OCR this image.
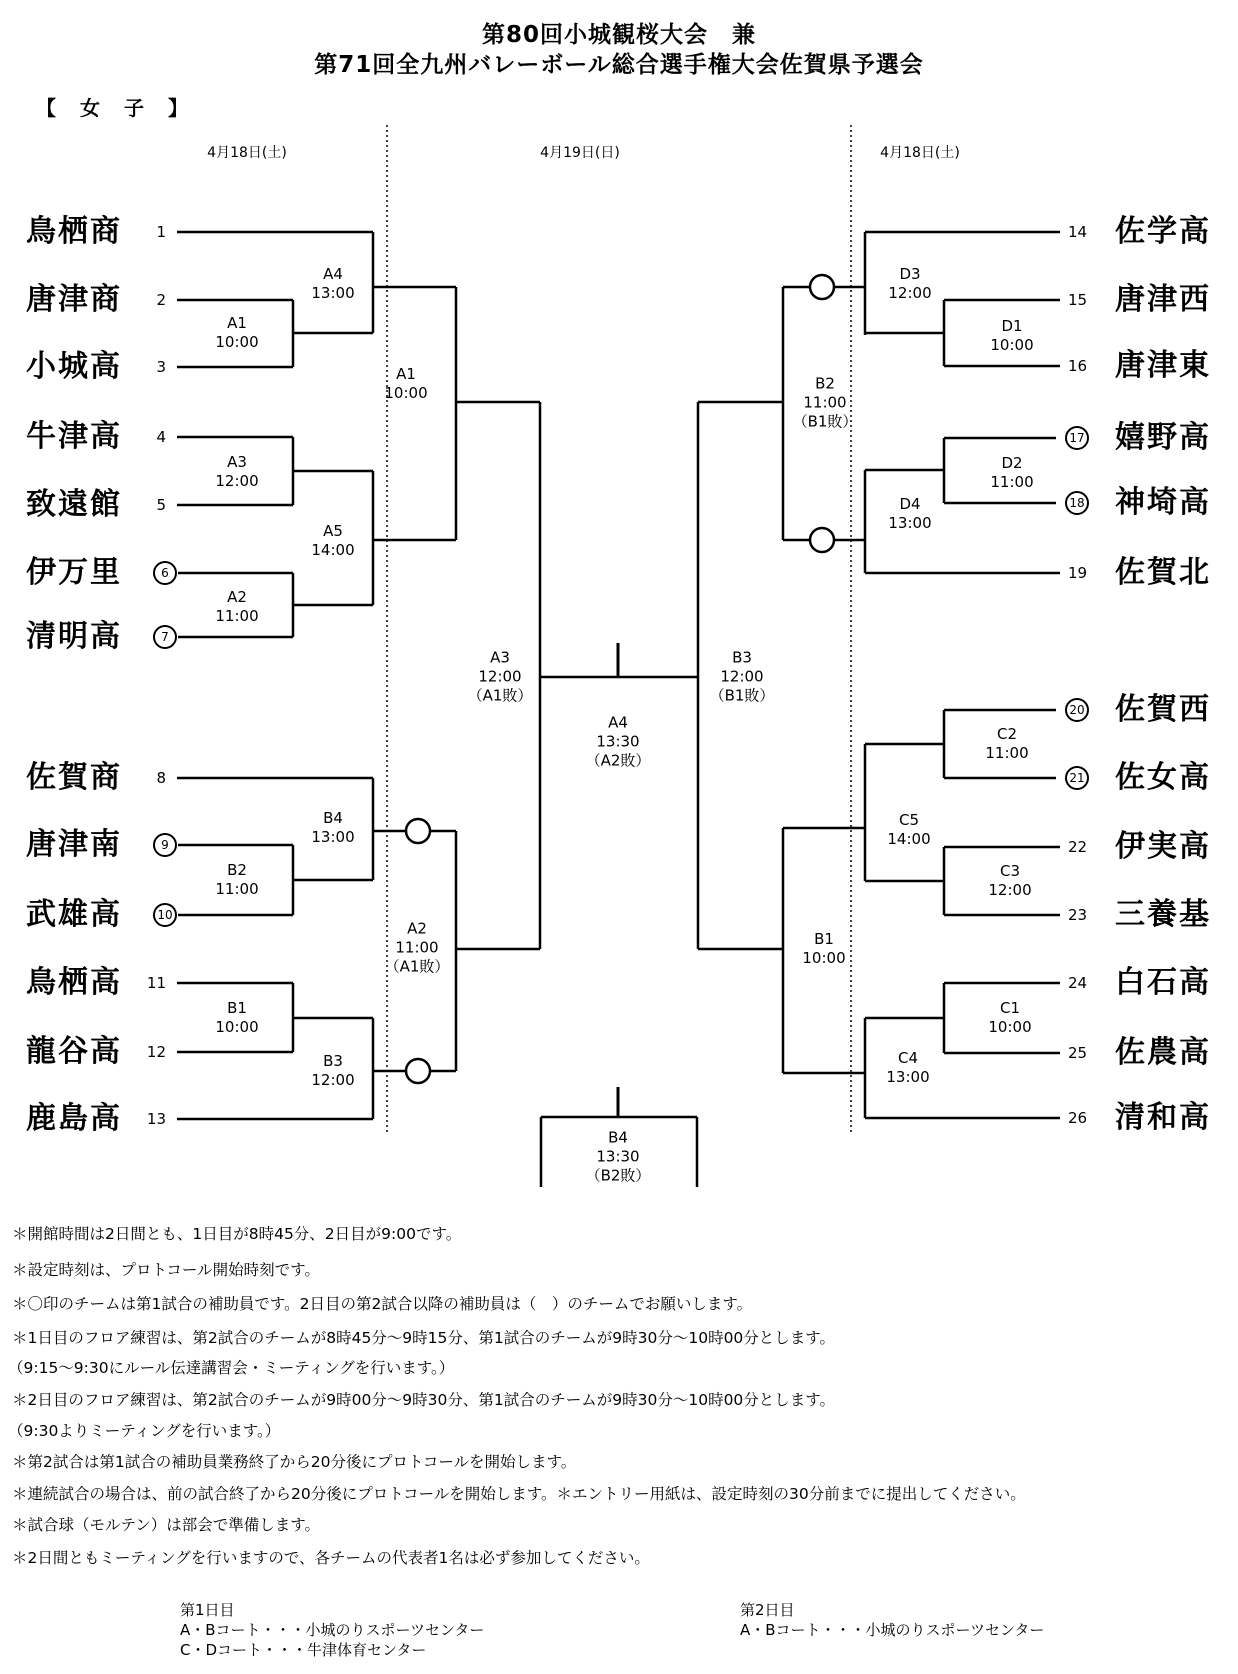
第80回小城観桜大会　兼
第71回全九州バレーボール総合選手権大会佐賀県予選会
【　女　子　】
4月18日(土)	4月19日(日)	4月18日(土)
鳥栖商
唐津商
小城高
牛津高
致遠館
伊万里
清明高
佐賀商
唐津南
武雄高
鳥栖高
龍谷高
鹿島高
1
2
3
4
5
6
7
8
9
10
11
12
13
佐学高
唐津西
唐津東
嬉野高
神埼高
佐賀北
佐賀西
佐女高
伊実高
三養基
白石高
佐農高
清和高
14
15
16
17
18
19
20
21
22
23
24
25
26
A1
10:00
A2
11:00
A3
12:00
A4
13:00
A5
14:00
B1
10:00
B2
11:00
B3
12:00
B4
13:00
A1
10:00
A2
11:00
（A1敗）
A3
12:00
（A1敗）
A4
13:30
（A2敗）
B1
10:00
B2
11:00
（B1敗）
B3
12:00
（B1敗）
B4
13:30
（B2敗）
D1
10:00
D2
11:00
D3
12:00
D4
13:00
C1
10:00
C2
11:00
C3
12:00
C4
13:00
C5
14:00
＊開館時間は2日間とも、1日目が8時45分、2日目が9:00です。
＊設定時刻は、プロトコール開始時刻です。
＊〇印のチームは第1試合の補助員です。2日目の第2試合以降の補助員は（　）のチームでお願いします。
＊1日目のフロア練習は、第2試合のチームが8時45分～9時15分、第1試合のチームが9時30分～10時00分とします。
（9:15～9:30にルール伝達講習会・ミーティングを行います。）
＊2日目のフロア練習は、第2試合のチームが9時00分～9時30分、第1試合のチームが9時30分～10時00分とします。
（9:30よりミーティングを行います。）
＊第2試合は第1試合の補助員業務終了から20分後にプロトコールを開始します。
＊連続試合の場合は、前の試合終了から20分後にプロトコールを開始します。＊エントリー用紙は、設定時刻の30分前までに提出してください。
＊試合球（モルテン）は部会で準備します。
＊2日間ともミーティングを行いますので、各チームの代表者1名は必ず参加してください。
第1日目
A・Bコート・・・小城のりスポーツセンター
C・Dコート・・・牛津体育センター
第2日目
A・Bコート・・・小城のりスポーツセンター
